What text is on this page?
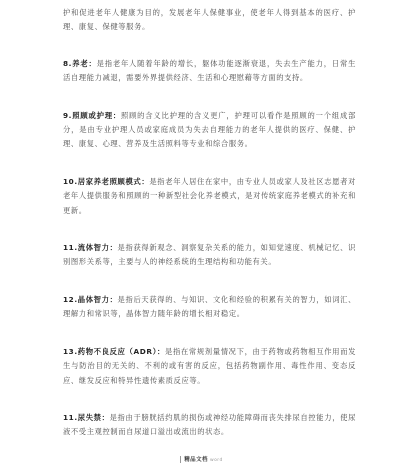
护和促进老年人健康为目的，发展老年人保健事业，使老年人得到基本的医疗、护理、康复、保健等服务。

8.养老：是指老年人随着年龄的增长，躯体功能逐渐衰退，失去生产能力，日常生活自理能力减退，需要外界提供经济、生活和心理慰藉等方面的支持。

9.照顾或护理：照顾的含义比护理的含义更广，护理可以看作是照顾的一个组成部分，是由专业护理人员或家庭成员为失去自理能力的老年人提供的医疗、保健、护理、康复、心理、营养及生活照料等专业和综合服务。

10.居家养老照顾模式：是指老年人居住在家中，由专业人员或家人及社区志愿者对老年人提供服务和照顾的一种新型社会化养老模式，是对传统家庭养老模式的补充和更新。

11.流体智力：是指获得新观念、洞察复杂关系的能力，如知觉速度、机械记忆、识别图形关系等，主要与人的神经系统的生理结构和功能有关。

12.晶体智力：是指后天获得的、与知识、文化和经验的积累有关的智力，如词汇、理解力和常识等，晶体智力随年龄的增长相对稳定。

13.药物不良反应（ADR）：是指在常规剂量情况下，由于药物或药物相互作用而发生与防治目的无关的、不利的或有害的反应，包括药物副作用、毒性作用、变态反应、继发反应和特异性遗传素质反应等。

11.尿失禁：是指由于膀胱括约肌的损伤或神经功能障碍而丧失排尿自控能力，使尿液不受主观控制而自尿道口溢出或流出的状态。

精品文档 word
